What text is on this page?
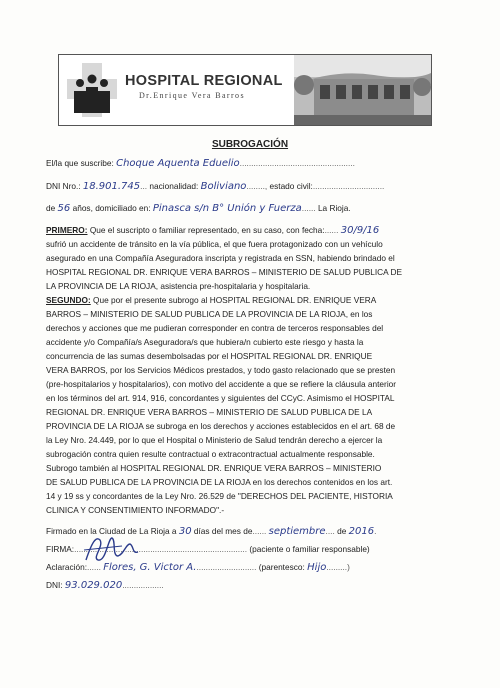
HOSPITAL REGIONAL
Dr.Enrique Vera Barros
SUBROGACIÓN
El/la que suscribe: Choque Aquenta Eduelio..................................................
DNI Nro.: 18.901.745... nacionalidad: Boliviano........, estado civil:...............................
de 56 años, domiciliado en: Pinasca s/n B° Unión y Fuerza...... La Rioja.
PRIMERO: Que el suscripto o familiar representado, en su caso, con fecha:...... 30/9/16
sufrió un accidente de tránsito en la vía pública, el que fuera protagonizado con un vehículo
asegurado en una Compañía Aseguradora inscripta y registrada en SSN, habiendo brindado el
HOSPITAL REGIONAL DR. ENRIQUE VERA BARROS – MINISTERIO DE SALUD PUBLICA DE
LA PROVINCIA DE LA RIOJA, asistencia pre-hospitalaria y hospitalaria.
SEGUNDO: Que por el presente subrogo al HOSPITAL REGIONAL DR. ENRIQUE VERA
BARROS – MINISTERIO DE SALUD PUBLICA DE LA PROVINCIA DE LA RIOJA, en los
derechos y acciones que me pudieran corresponder en contra de terceros responsables del
accidente y/o Compañía/s Aseguradora/s que hubiera/n cubierto este riesgo y hasta la
concurrencia de las sumas desembolsadas por el HOSPITAL REGIONAL DR. ENRIQUE
VERA BARROS, por los Servicios Médicos prestados, y todo gasto relacionado que se presten
(pre-hospitalarios y hospitalarios), con motivo del accidente a que se refiere la cláusula anterior
en los términos del art. 914, 916, concordantes y siguientes del CCyC. Asimismo el HOSPITAL
REGIONAL DR. ENRIQUE VERA BARROS – MINISTERIO DE SALUD PUBLICA DE LA
PROVINCIA DE LA RIOJA se subroga en los derechos y acciones establecidos en el art. 68 de
la Ley Nro. 24.449, por lo que el Hospital o Ministerio de Salud tendrán derecho a ejercer la
subrogación contra quien resulte contractual o extracontractual actualmente responsable.
Subrogo también al HOSPITAL REGIONAL DR. ENRIQUE VERA BARROS – MINISTERIO
DE SALUD PUBLICA DE LA PROVINCIA DE LA RIOJA en los derechos contenidos en los art.
14 y 19 ss y concordantes de la Ley Nro. 26.529 de "DERECHOS DEL PACIENTE, HISTORIA
CLINICA Y CONSENTIMIENTO INFORMADO".-
Firmado en la Ciudad de La Rioja a 30 días del mes de...... septiembre.... de 2016.
FIRMA:........................................................................... (paciente o familiar responsable)
Aclaración:...... Flores, G. Victor A........................... (parentesco: Hijo.........)
DNI: 93.029.020..................
